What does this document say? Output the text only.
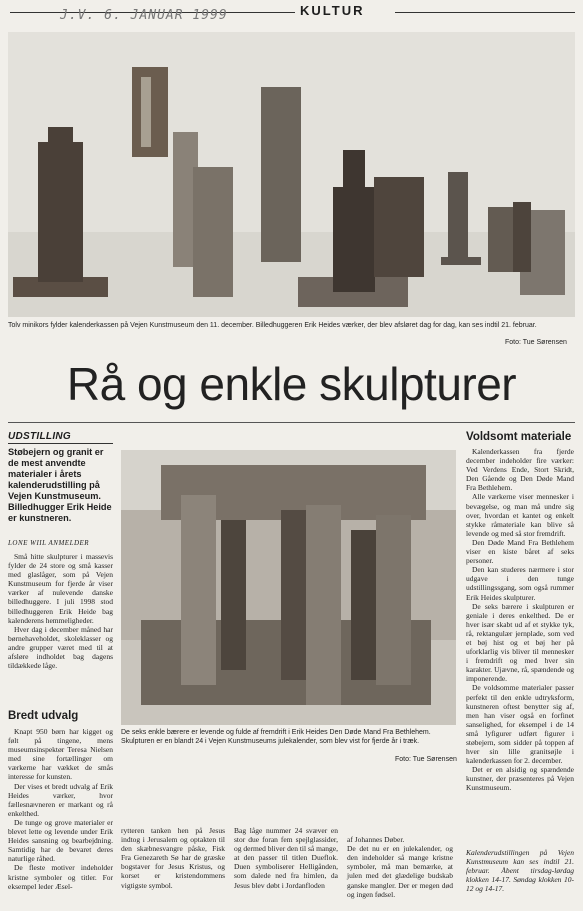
KULTUR
J.V. 6. JANUAR 1999
Tolv minikors fylder kalenderkassen på Vejen Kunstmuseum den 11. december. Billedhuggeren Erik Heides værker, der blev afsløret dag for dag, kan ses indtil 21. februar.
Foto: Tue Sørensen
Rå og enkle skulpturer
UDSTILLING
Støbejern og granit er de mest anvendte materialer i årets kalenderudstilling på Vejen Kunstmuseum. Billedhugger Erik Heide er kunstneren.
LONE WIIL ANMELDER

Små hitte skulpturer i massevis fylder de 24 store og små kasser med glaslåger, som på Vejen Kunstmuseum for fjerde år viser værker af nulevende danske billedhuggere. I juli 1998 stod billedhuggeren Erik Heide bag kalenderens hemmeligheder.

Hver dag i december måned har børnehaveholdet, skoleklasser og andre grupper været med til at afsløre indholdet bag dagens tildækkede låge.

Bredt udvalg

Knapt 950 børn har kigget og følt på tingene, mens museumsinspektør Teresa Nielsen med sine fortællinger om værkerne har vækket de smås interesse for kunsten.

Der vises et bredt udvalg af Erik Heides værker, hvor fællesnævneren er markant og rå enkelthed.

De tunge og grove materialer er blevet lette og levende under Erik Heides sansning og bearbejdning. Samtidig har de bevaret deres naturlige råhed.

De fleste motiver indeholder kristne symboler og titler. For eksempel leder Æsel-

De seks enkle bærere er levende og fulde af fremdrift i Erik Heides Den Døde Mand Fra Bethlehem. Skulpturen er en blandt 24 i Vejen Kunstmuseums julekalender, som blev vist for fjerde år i træk.
Foto: Tue Sørensen

rytteren tanken hen på Jesus indtog i Jerusalem og optakten til den skæbnesvangre påske, Fisk Fra Genezareth Sø har de græske bogstaver for Jesus Kristus, og korset er kristendommens vigtigste symbol.

Bag låge nummer 24 svæver en stor due foran fem spejlglassider, og dermed bliver den til så mange, at den passer til titlen Dueflok. Duen symboliserer Helligånden, som dalede ned fra himlen, da Jesus blev døbt i Jordanfloden

af Johannes Døber.
De det nu er en julekalender, og den indeholder så mange kristne symboler, må man bemærke, at julen med det glædelige budskab ganske mangler. Der er megen død og ingen fødsel.

Voldsomt materiale

Kalenderkassen fra fjerde december indeholder fire værker: Ved Verdens Ende, Stort Skridt, Den Gående og Den Døde Mand Fra Bethlehem.

Alle værkerne viser mennesker i bevægelse, og man må undre sig over, hvordan et kantet og enkelt stykke råmateriale kan blive så levende og med så stor fremdrift.

Den Døde Mand Fra Bethlehem viser en kiste båret af seks personer.

Den kan studeres nærmere i stor udgave i den tunge udstillingssgang, som også rummer Erik Heides skulpturer.

De seks bærere i skulpturen er geniale i deres enkelthed. De er hver især skabt ud af et stykke tyk, rå, rektangulær jernplade, som ved et bøj hist og et bøj her på uforklarlig vis bliver til mennesker i fremdrift og med hver sin karakter. Ujævne, rå, spændende og imponerende.

De voldsomme materialer passer perfekt til den enkle udtryksform, kunstneren oftest benytter sig af, men han viser også en forfinet sanselighed, for eksempel i de 14 små lyfigurer udført figurer i støbejern, som sidder på toppen af hver sin lille granitsøjle i kalenderkassen for 2. december.

Det er en alsidig og spændende kunstner, der præsenteres på Vejen Kunstmuseum.

Kalenderudstillingen på Vejen Kunstmuseum kan ses indtil 21. februar. Åbent tirsdag-lørdag klokken 14-17. Søndag klokken 10-12 og 14-17.
